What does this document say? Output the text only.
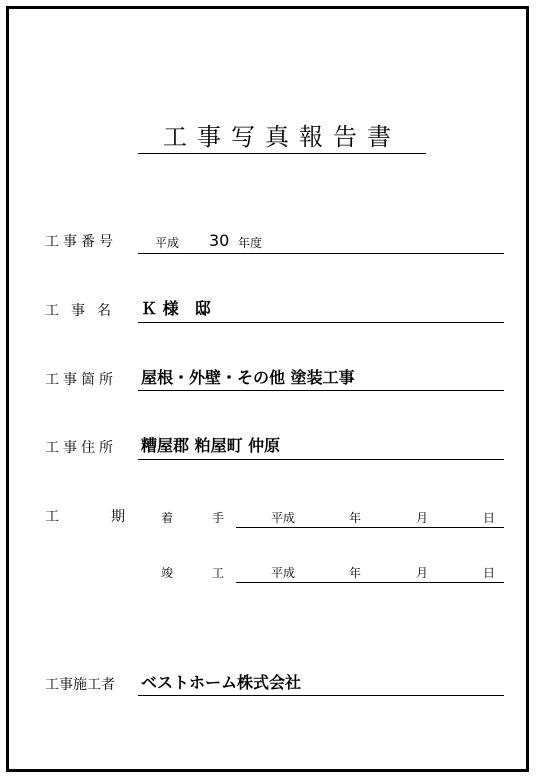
工事写真報告書
工事番号	平成 30 年度
工事名 Ｋ 様　邸
工事箇所 屋根・外壁・その他 塗装工事
工事住所 糟屋郡 粕屋町 仲原
工	期	着	手	平成	年	月	日
竣	工	平成	年	月	日
工事施工者 ベストホーム株式会社
